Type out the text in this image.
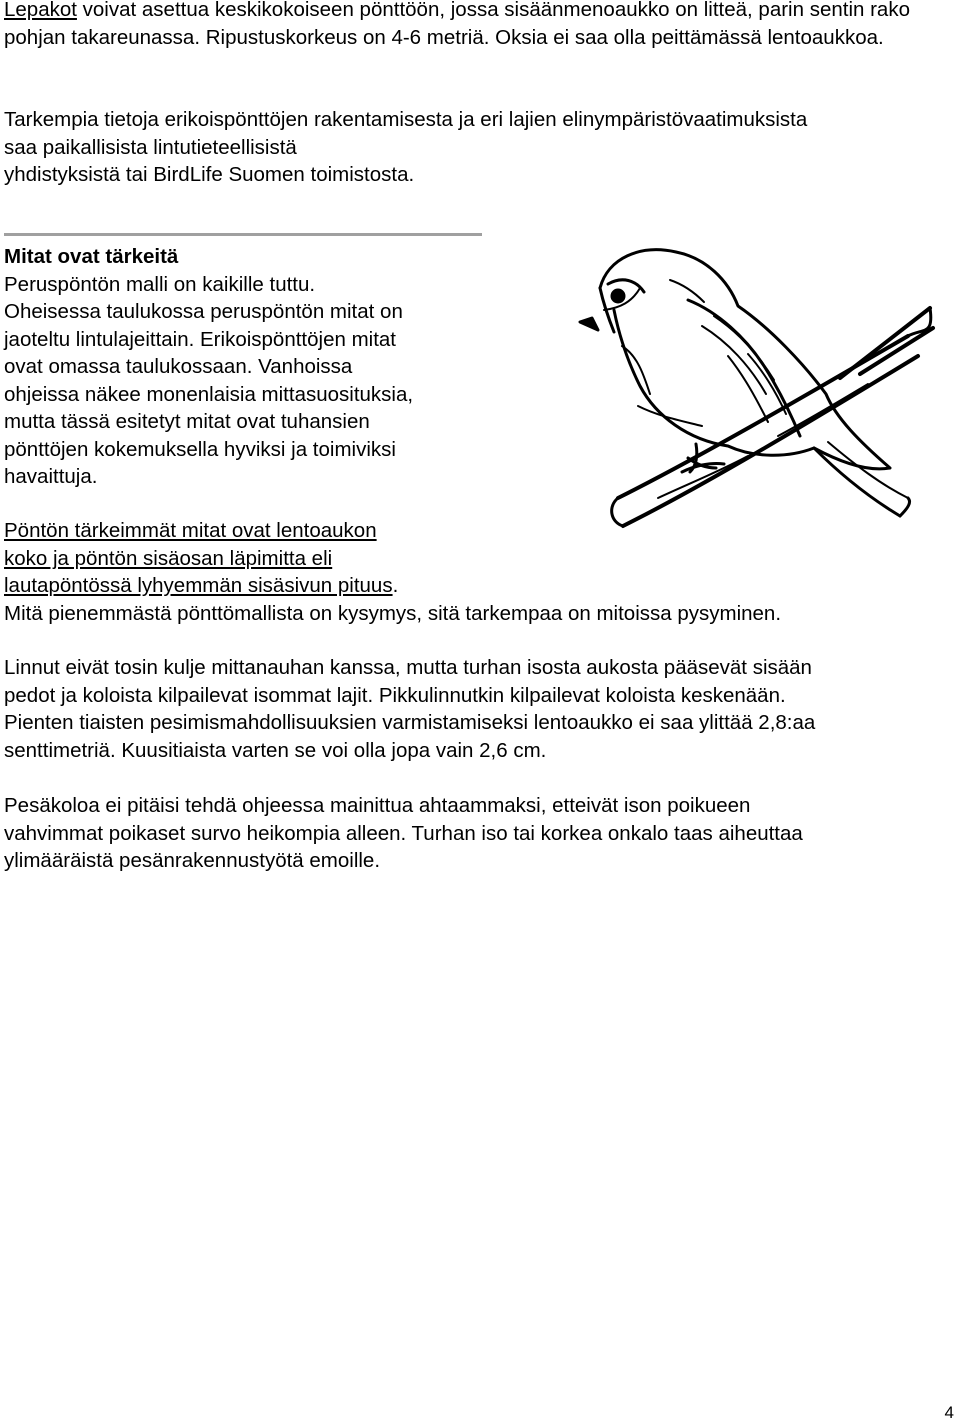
Lepakot voivat asettua keskikokoiseen pönttöön, jossa sisäänmenoaukko on litteä, parin sentin rako pohjan takareunassa. Ripustuskorkeus on 4-6 metriä. Oksia ei saa olla peittämässä lentoaukkoa.

Tarkempia tietoja erikoispönttöjen rakentamisesta ja eri lajien elinympäristövaatimuksista
saa paikallisista lintutieteellisistä
yhdistyksistä tai BirdLife Suomen toimistosta.

Mitat ovat tärkeitä
Peruspöntön malli on kaikille tuttu.
Oheisessa taulukossa peruspöntön mitat on
jaoteltu lintulajeittain. Erikoispönttöjen mitat
ovat omassa taulukossaan. Vanhoissa
ohjeissa näkee monenlaisia mittasuosituksia,
mutta tässä esitetyt mitat ovat tuhansien
pönttöjen kokemuksella hyviksi ja toimiviksi
havaittuja.

Pöntön tärkeimmät mitat ovat lentoaukon
koko ja pöntön sisäosan läpimitta eli
lautapöntössä lyhyemmän sisäsivun pituus.
Mitä pienemmästä pönttömallista on kysymys, sitä tarkempaa on mitoissa pysyminen.

Linnut eivät tosin kulje mittanauhan kanssa, mutta turhan isosta aukosta pääsevät sisään
pedot ja koloista kilpailevat isommat lajit. Pikkulinnutkin kilpailevat koloista keskenään.
Pienten tiaisten pesimismahdollisuuksien varmistamiseksi lentoaukko ei saa ylittää 2,8:aa
senttimetriä. Kuusitiaista varten se voi olla jopa vain 2,6 cm.

Pesäkoloa ei pitäisi tehdä ohjeessa mainittua ahtaammaksi, etteivät ison poikueen
vahvimmat poikaset survo heikompia alleen. Turhan iso tai korkea onkalo taas aiheuttaa
ylimääräistä pesänrakennustyötä emoille.

4
